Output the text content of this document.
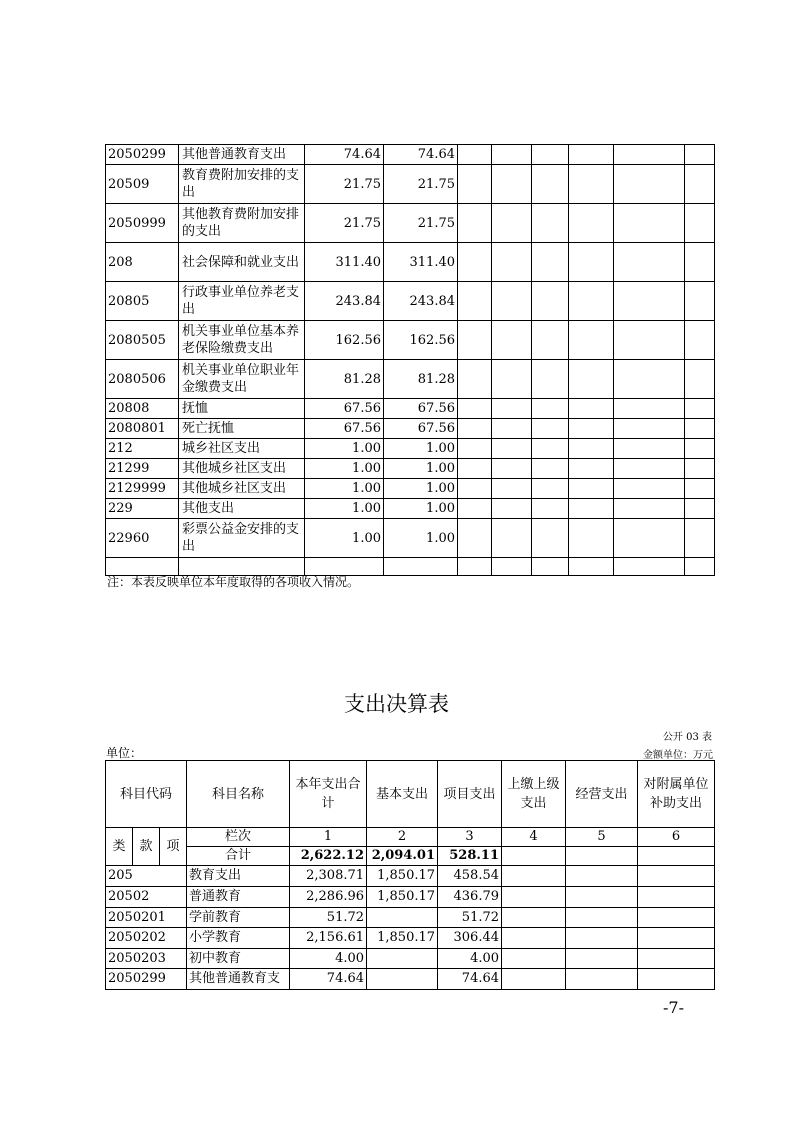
2050299	其他普通教育支出	74.64	74.64						
20509	教育费附加安排的支出	21.75	21.75						
2050999	其他教育费附加安排的支出	21.75	21.75						
208	社会保障和就业支出	311.40	311.40						
20805	行政事业单位养老支出	243.84	243.84						
2080505	机关事业单位基本养老保险缴费支出	162.56	162.56						
2080506	机关事业单位职业年金缴费支出	81.28	81.28						
20808	抚恤	67.56	67.56						
2080801	死亡抚恤	67.56	67.56						
212	城乡社区支出	1.00	1.00						
21299	其他城乡社区支出	1.00	1.00						
2129999	其他城乡社区支出	1.00	1.00						
229	其他支出	1.00	1.00						
22960	彩票公益金安排的支出	1.00	1.00						

注：本表反映单位本年度取得的各项收入情况。
支出决算表
公开 03 表
单位：	金额单位：万元
科目代码			科目名称	本年支出合计	基本支出	项目支出	上缴上级支出	经营支出	对附属单位补助支出
类	款	项	栏次	1	2	3	4	5	6
			合计	2,622.12	2,094.01	528.11			
205			教育支出	2,308.71	1,850.17	458.54			
20502			普通教育	2,286.96	1,850.17	436.79			
2050201			学前教育	51.72		51.72			
2050202			小学教育	2,156.61	1,850.17	306.44			
2050203			初中教育	4.00		4.00			
2050299			其他普通教育支	74.64		74.64			
-7-
